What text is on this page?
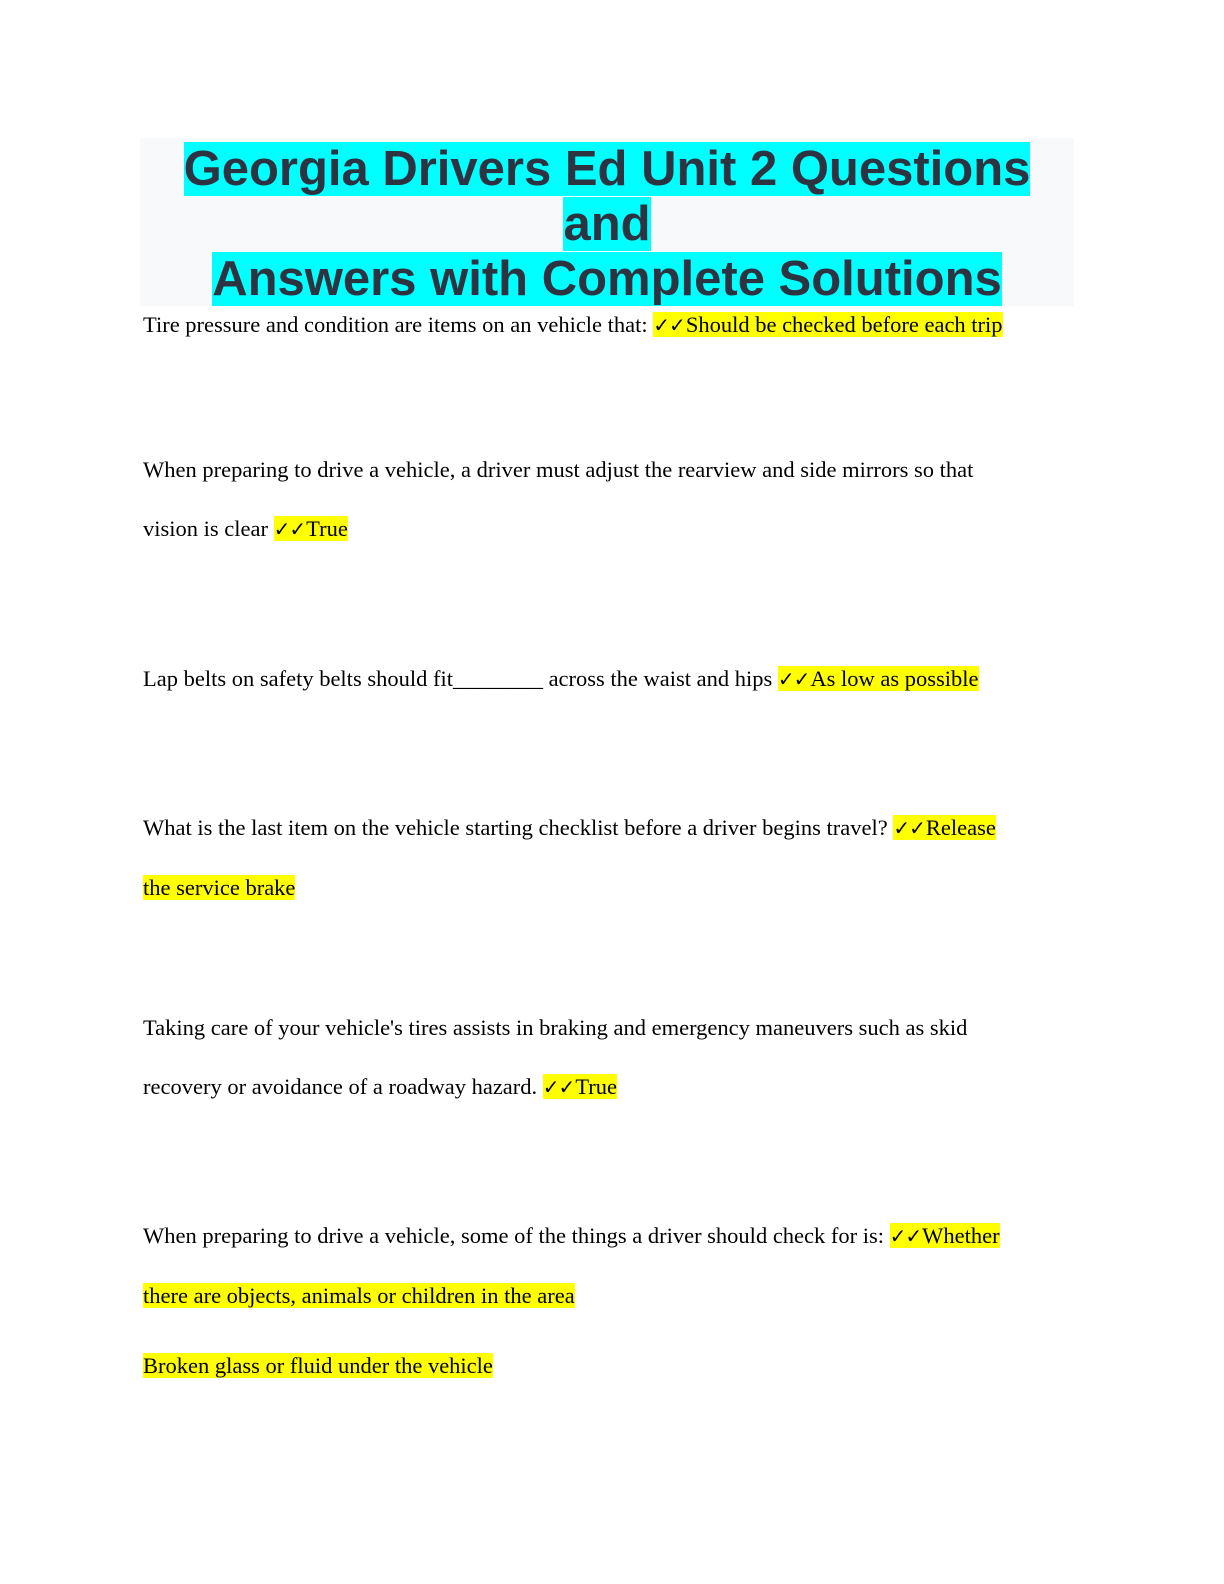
Georgia Drivers Ed Unit 2 Questions and
Answers with Complete Solutions

Tire pressure and condition are items on an vehicle that: ✓✓Should be checked before each trip

When preparing to drive a vehicle, a driver must adjust the rearview and side mirrors so that
vision is clear ✓✓True

Lap belts on safety belts should fit________ across the waist and hips ✓✓As low as possible

What is the last item on the vehicle starting checklist before a driver begins travel? ✓✓Release
the service brake

Taking care of your vehicle's tires assists in braking and emergency maneuvers such as skid
recovery or avoidance of a roadway hazard. ✓✓True

When preparing to drive a vehicle, some of the things a driver should check for is: ✓✓Whether
there are objects, animals or children in the area

Broken glass or fluid under the vehicle
